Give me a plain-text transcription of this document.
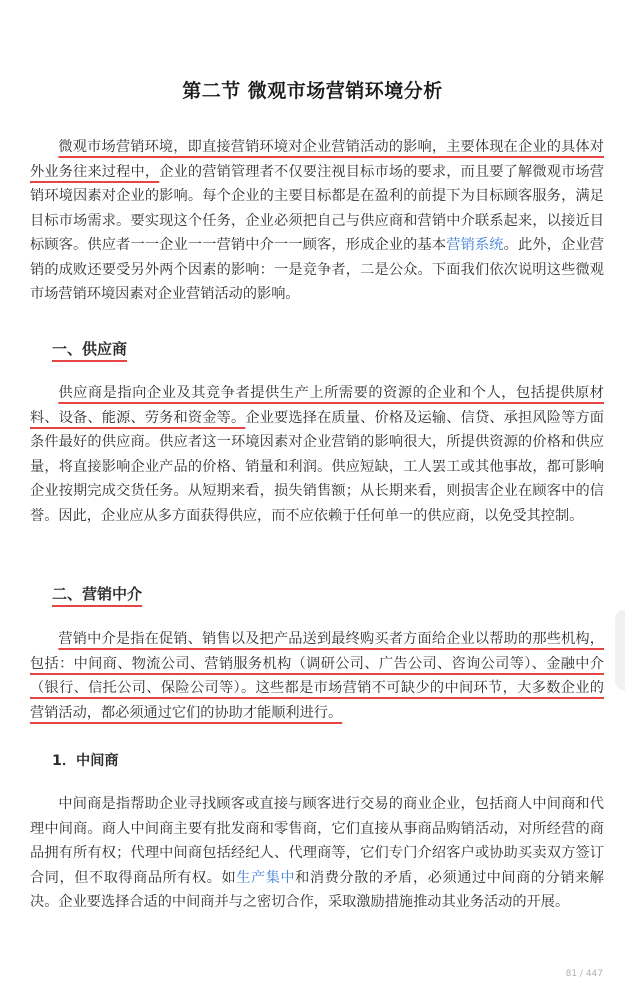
第二节 微观市场营销环境分析

微观市场营销环境，即直接营销环境对企业营销活动的影响，主要体现在企业的具体对外业务往来过程中，企业的营销管理者不仅要注视目标市场的要求，而且要了解微观市场营销环境因素对企业的影响。每个企业的主要目标都是在盈利的前提下为目标顾客服务，满足目标市场需求。要实现这个任务，企业必须把自己与供应商和营销中介联系起来，以接近目标顾客。供应者一一企业一一营销中介一一顾客，形成企业的基本营销系统。此外，企业营销的成败还要受另外两个因素的影响：一是竞争者，二是公众。下面我们依次说明这些微观市场营销环境因素对企业营销活动的影响。

一、供应商

供应商是指向企业及其竞争者提供生产上所需要的资源的企业和个人，包括提供原材料、设备、能源、劳务和资金等。企业要选择在质量、价格及运输、信贷、承担风险等方面条件最好的供应商。供应者这一环境因素对企业营销的影响很大，所提供资源的价格和供应量，将直接影响企业产品的价格、销量和利润。供应短缺，工人罢工或其他事故，都可影响企业按期完成交货任务。从短期来看，损失销售额；从长期来看，则损害企业在顾客中的信誉。因此，企业应从多方面获得供应，而不应依赖于任何单一的供应商，以免受其控制。

二、营销中介

营销中介是指在促销、销售以及把产品送到最终购买者方面给企业以帮助的那些机构，包括：中间商、物流公司、营销服务机构（调研公司、广告公司、咨询公司等）、金融中介（银行、信托公司、保险公司等）。这些都是市场营销不可缺少的中间环节，大多数企业的营销活动，都必须通过它们的协助才能顺利进行。

1．中间商

中间商是指帮助企业寻找顾客或直接与顾客进行交易的商业企业，包括商人中间商和代理中间商。商人中间商主要有批发商和零售商，它们直接从事商品购销活动，对所经营的商品拥有所有权；代理中间商包括经纪人、代理商等，它们专门介绍客户或协助买卖双方签订合同，但不取得商品所有权。如生产集中和消费分散的矛盾，必须通过中间商的分销来解决。企业要选择合适的中间商并与之密切合作，采取激励措施推动其业务活动的开展。

81 / 447
